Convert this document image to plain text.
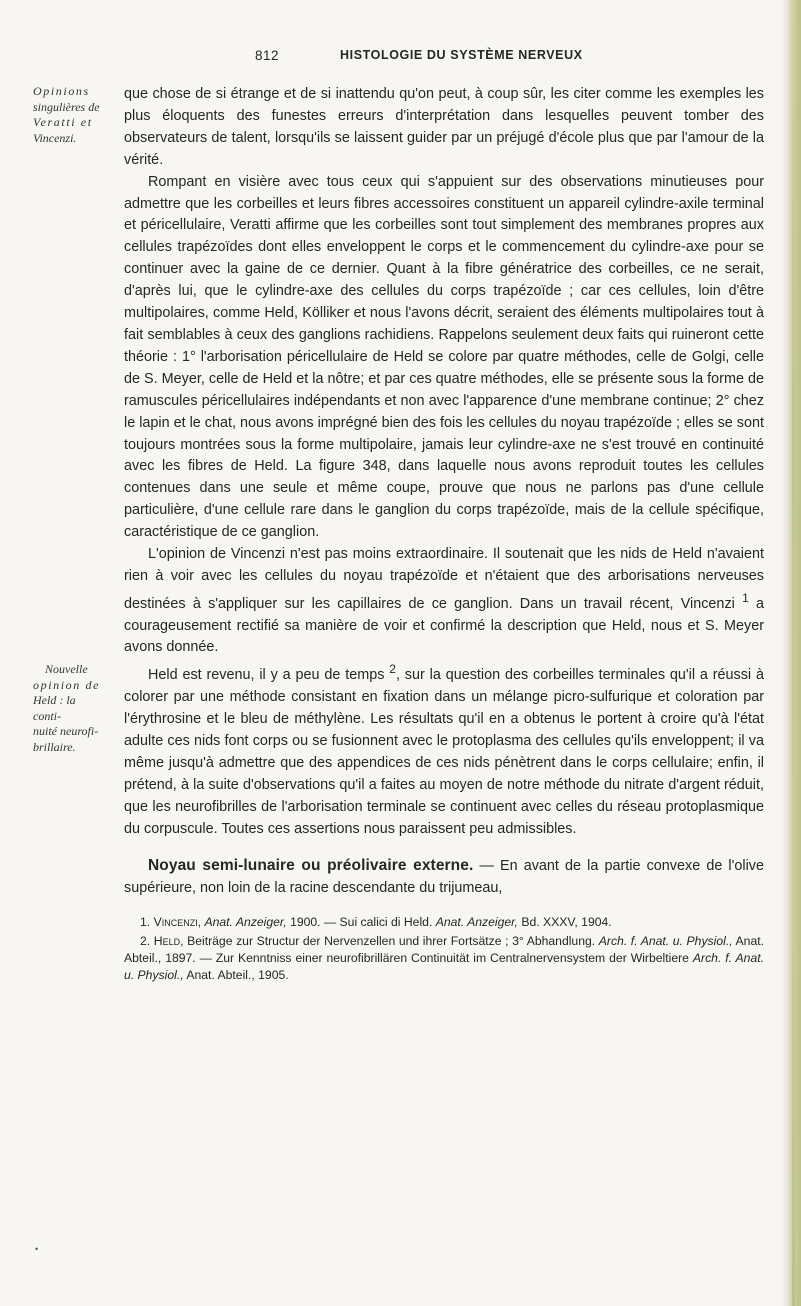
812	HISTOLOGIE DU SYSTÈME NERVEUX
Opinions
singulières de
Veratti et
Vincenzi.
Nouvelle
opinion de
Held : la conti-
nuité neurofi-
brillaire.

que chose de si étrange et de si inattendu qu'on peut, à coup sûr, les citer comme les exemples les plus éloquents des funestes erreurs d'interprétation dans lesquelles peuvent tomber des observateurs de talent, lorsqu'ils se laissent guider par un préjugé d'école plus que par l'amour de la vérité.

Rompant en visière avec tous ceux qui s'appuient sur des observations minutieuses pour admettre que les corbeilles et leurs fibres accessoires constituent un appareil cylindre-axile terminal et péricellulaire, Veratti affirme que les corbeilles sont tout simplement des membranes propres aux cellules trapézoïdes dont elles enveloppent le corps et le commencement du cylindre-axe pour se continuer avec la gaine de ce dernier. Quant à la fibre génératrice des corbeilles, ce ne serait, d'après lui, que le cylindre-axe des cellules du corps trapézoïde ; car ces cellules, loin d'être multipolaires, comme Held, Kölliker et nous l'avons décrit, seraient des éléments multipolaires tout à fait semblables à ceux des ganglions rachidiens. Rappelons seulement deux faits qui ruineront cette théorie : 1° l'arborisation péricellulaire de Held se colore par quatre méthodes, celle de Golgi, celle de S. Meyer, celle de Held et la nôtre; et par ces quatre méthodes, elle se présente sous la forme de ramuscules péricellulaires indépendants et non avec l'apparence d'une membrane continue; 2° chez le lapin et le chat, nous avons imprégné bien des fois les cellules du noyau trapézoïde ; elles se sont toujours montrées sous la forme multipolaire, jamais leur cylindre-axe ne s'est trouvé en continuité avec les fibres de Held. La figure 348, dans laquelle nous avons reproduit toutes les cellules contenues dans une seule et même coupe, prouve que nous ne parlons pas d'une cellule particulière, d'une cellule rare dans le ganglion du corps trapézoïde, mais de la cellule spécifique, caractéristique de ce ganglion.

L'opinion de Vincenzi n'est pas moins extraordinaire. Il soutenait que les nids de Held n'avaient rien à voir avec les cellules du noyau trapézoïde et n'étaient que des arborisations nerveuses destinées à s'appliquer sur les capillaires de ce ganglion. Dans un travail récent, Vincenzi $^1$ a courageusement rectifié sa manière de voir et confirmé la description que Held, nous et S. Meyer avons donnée.

Held est revenu, il y a peu de temps $^2$, sur la question des corbeilles terminales qu'il a réussi à colorer par une méthode consistant en fixation dans un mélange picro-sulfurique et coloration par l'érythrosine et le bleu de méthylène. Les résultats qu'il en a obtenus le portent à croire qu'à l'état adulte ces nids font corps ou se fusionnent avec le protoplasma des cellules qu'ils enveloppent; il va même jusqu'à admettre que des appendices de ces nids pénètrent dans le corps cellulaire; enfin, il prétend, à la suite d'observations qu'il a faites au moyen de notre méthode du nitrate d'argent réduit, que les neurofibrilles de l'arborisation terminale se continuent avec celles du réseau protoplasmique du corpuscule. Toutes ces assertions nous paraissent peu admissibles.

Noyau semi-lunaire ou préolivaire externe. — En avant de la partie convexe de l'olive supérieure, non loin de la racine descendante du trijumeau,

1. Vincenzi, Anat. Anzeiger, 1900. — Sui calici di Held. Anat. Anzeiger, Bd. XXXV, 1904.

2. Held, Beiträge zur Structur der Nervenzellen und ihrer Fortsätze ; 3° Abhandlung. Arch. f. Anat. u. Physiol., Anat. Abteil., 1897. — Zur Kenntniss einer neurofibrillären Continuität im Centralnervensystem der Wirbeltiere Arch. f. Anat. u. Physiol., Anat. Abteil., 1905.

•
